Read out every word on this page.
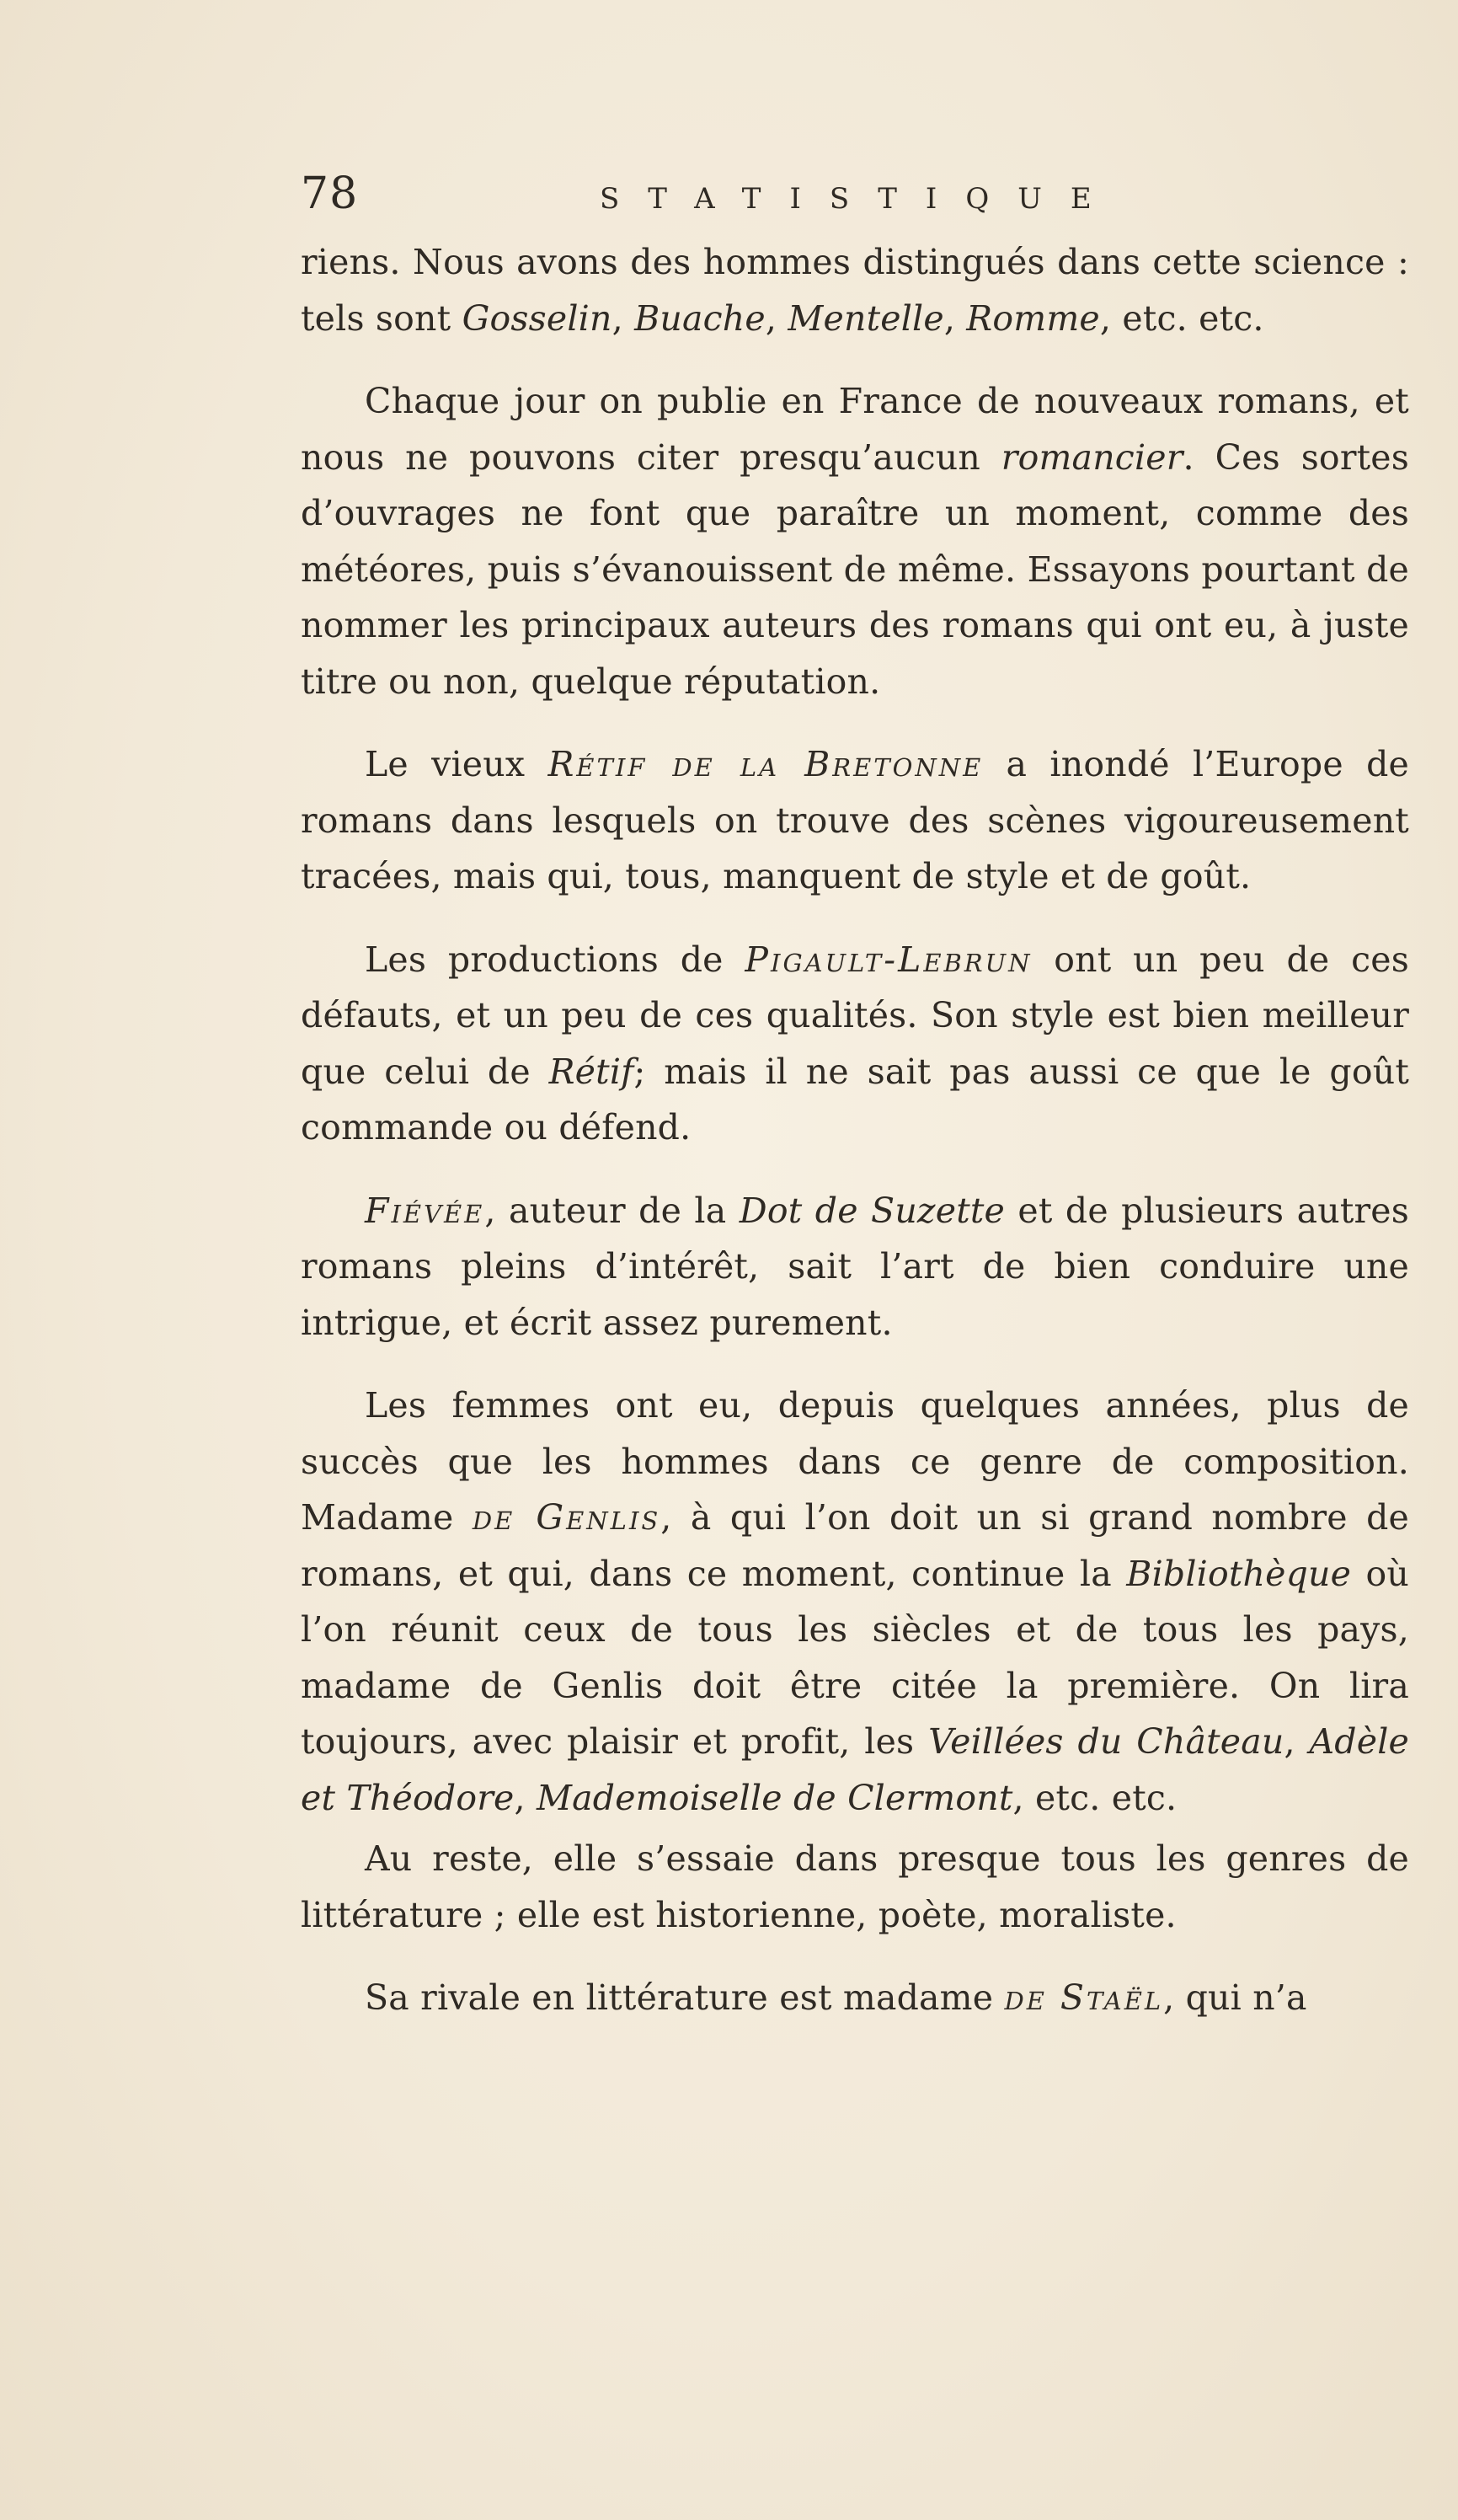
78	STATISTIQUE

riens. Nous avons des hommes distingués dans cette science : tels sont Gosselin, Buache, Mentelle, Romme, etc. etc.

Chaque jour on publie en France de nouveaux romans, et nous ne pouvons citer presqu’aucun romancier. Ces sortes d’ouvrages ne font que paraître un moment, comme des météores, puis s’évanouissent de même. Essayons pourtant de nommer les principaux auteurs des romans qui ont eu, à juste titre ou non, quelque réputation.

Le vieux Rétif de la Bretonne a inondé l’Europe de romans dans lesquels on trouve des scènes vigoureusement tracées, mais qui, tous, manquent de style et de goût.

Les productions de Pigault-Lebrun ont un peu de ces défauts, et un peu de ces qualités. Son style est bien meilleur que celui de Rétif; mais il ne sait pas aussi ce que le goût commande ou défend.

Fiévée, auteur de la Dot de Suzette et de plusieurs autres romans pleins d’intérêt, sait l’art de bien conduire une intrigue, et écrit assez purement.

Les femmes ont eu, depuis quelques années, plus de succès que les hommes dans ce genre de composition. Madame de Genlis, à qui l’on doit un si grand nombre de romans, et qui, dans ce moment, continue la Bibliothèque où l’on réunit ceux de tous les siècles et de tous les pays, madame de Genlis doit être citée la première. On lira toujours, avec plaisir et profit, les Veillées du Château, Adèle et Théodore, Mademoiselle de Clermont, etc. etc.

Au reste, elle s’essaie dans presque tous les genres de littérature ; elle est historienne, poète, moraliste.

Sa rivale en littérature est madame de Staël, qui n’a
